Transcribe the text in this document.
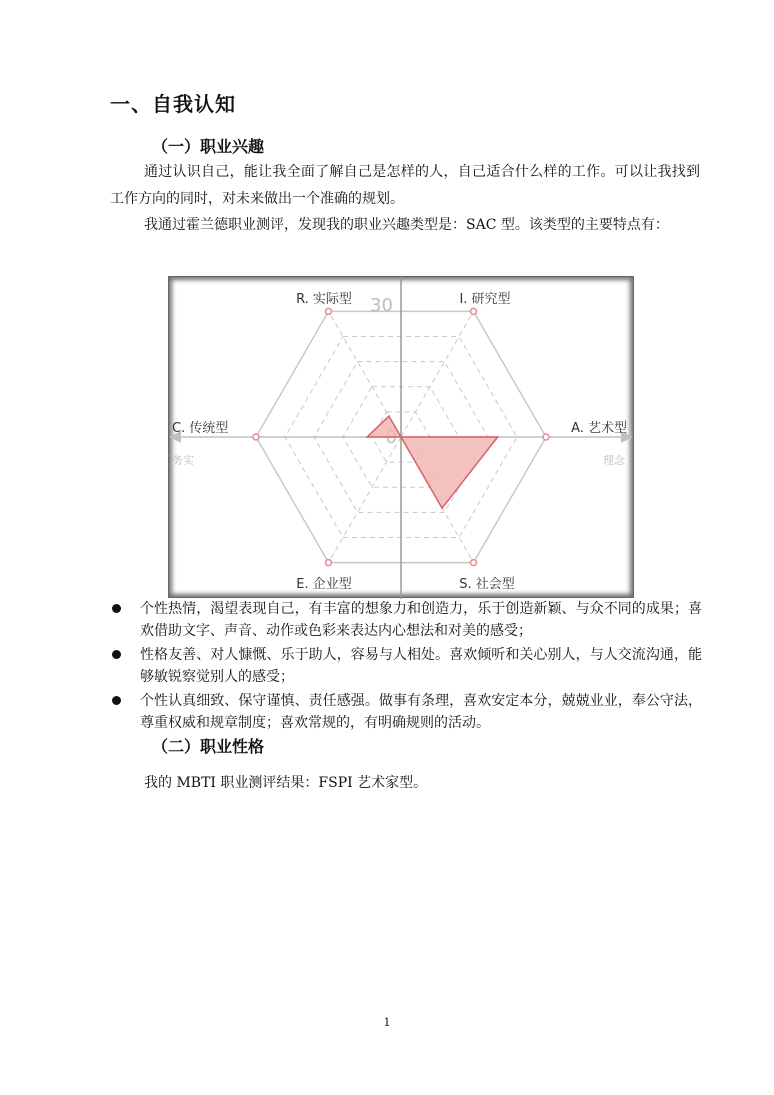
一、自我认知
（一）职业兴趣

通过认识自己，能让我全面了解自己是怎样的人，自己适合什么样的工作。可以让我找到工作方向的同时，对未来做出一个准确的规划。

我通过霍兰德职业测评，发现我的职业兴趣类型是：SAC 型。该类型的主要特点有：

30
R. 实际型	I. 研究型
A. 艺术型
S. 社会型
E. 企业型
C. 传统型
务实	理念
个性热情，渴望表现自己，有丰富的想象力和创造力，乐于创造新颖、与众不同的成果；喜欢借助文字、声音、动作或色彩来表达内心想法和对美的感受；
性格友善、对人慷慨、乐于助人，容易与人相处。喜欢倾听和关心别人，与人交流沟通，能够敏锐察觉别人的感受；
个性认真细致、保守谨慎、责任感强。做事有条理，喜欢安定本分，兢兢业业，奉公守法，尊重权威和规章制度；喜欢常规的，有明确规则的活动。
（二）职业性格
我的 MBTI 职业测评结果：FSPI 艺术家型。
1
